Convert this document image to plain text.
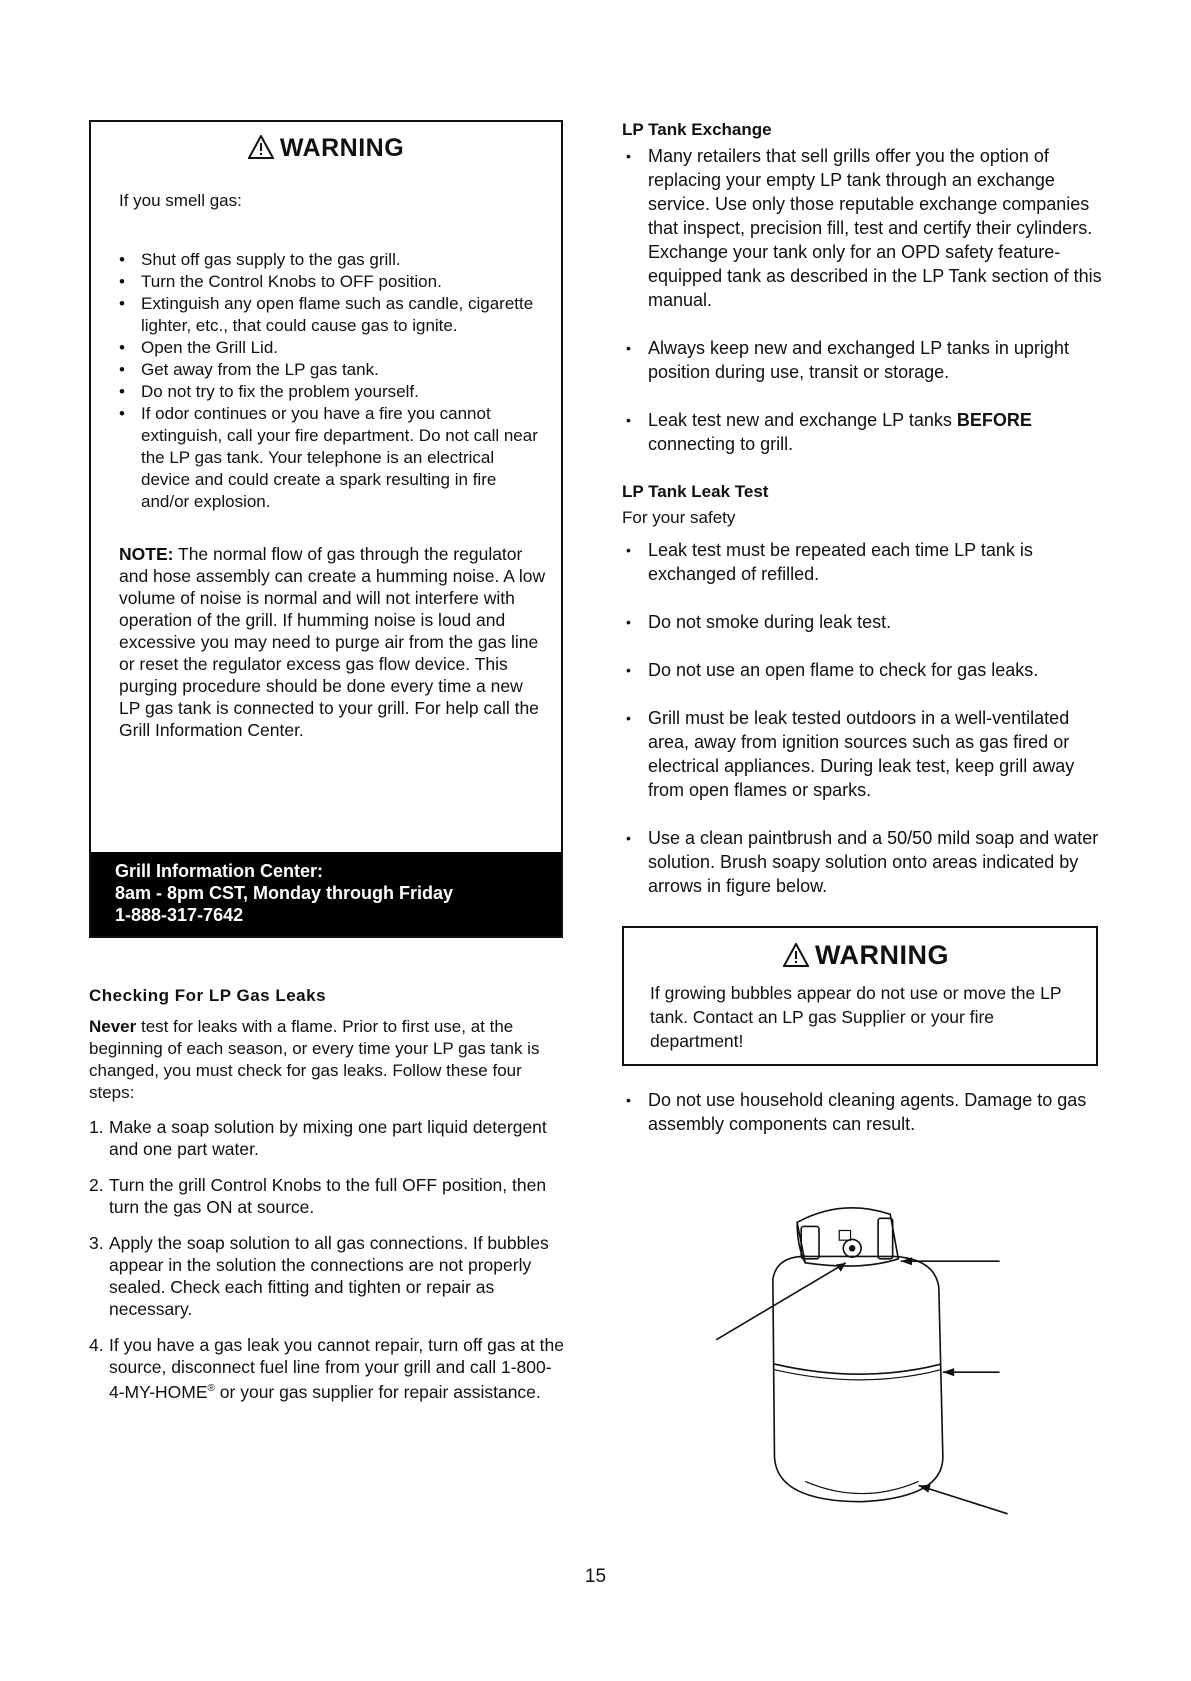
WARNING
If you smell gas:
• Shut off gas supply to the gas grill.
• Turn the Control Knobs to OFF position.
• Extinguish any open flame such as candle, cigarette lighter, etc., that could cause gas to ignite.
• Open the Grill Lid.
• Get away from the LP gas tank.
• Do not try to fix the problem yourself.
• If odor continues or you have a fire you cannot extinguish, call your fire department. Do not call near the LP gas tank. Your telephone is an electrical device and could create a spark resulting in fire and/or explosion.
NOTE: The normal flow of gas through the regulator and hose assembly can create a humming noise. A low volume of noise is normal and will not interfere with operation of the grill. If humming noise is loud and excessive you may need to purge air from the gas line or reset the regulator excess gas flow device. This purging procedure should be done every time a new LP gas tank is connected to your grill. For help call the Grill Information Center.
Grill Information Center:
8am - 8pm CST, Monday through Friday
1-888-317-7642
Checking For LP Gas Leaks
Never test for leaks with a flame. Prior to first use, at the beginning of each season, or every time your LP gas tank is changed, you must check for gas leaks. Follow these four steps:
1. Make a soap solution by mixing one part liquid detergent and one part water.
2. Turn the grill Control Knobs to the full OFF position, then turn the gas ON at source.
3. Apply the soap solution to all gas connections. If bubbles appear in the solution the connections are not properly sealed. Check each fitting and tighten or repair as necessary.
4. If you have a gas leak you cannot repair, turn off gas at the source, disconnect fuel line from your grill and call 1-800-4-MY-HOME® or your gas supplier for repair assistance.
LP Tank Exchange
• Many retailers that sell grills offer you the option of replacing your empty LP tank through an exchange service. Use only those reputable exchange companies that inspect, precision fill, test and certify their cylinders. Exchange your tank only for an OPD safety feature-equipped tank as described in the LP Tank section of this manual.
• Always keep new and exchanged LP tanks in upright position during use, transit or storage.
• Leak test new and exchange LP tanks BEFORE connecting to grill.
LP Tank Leak Test
For your safety
• Leak test must be repeated each time LP tank is exchanged of refilled.
• Do not smoke during leak test.
• Do not use an open flame to check for gas leaks.
• Grill must be leak tested outdoors in a well-ventilated area, away from ignition sources such as gas fired or electrical appliances. During leak test, keep grill away from open flames or sparks.
• Use a clean paintbrush and a 50/50 mild soap and water solution. Brush soapy solution onto areas indicated by arrows in figure below.
WARNING
If growing bubbles appear do not use or move the LP tank. Contact an LP gas Supplier or your fire department!
• Do not use household cleaning agents. Damage to gas assembly components can result.
15
